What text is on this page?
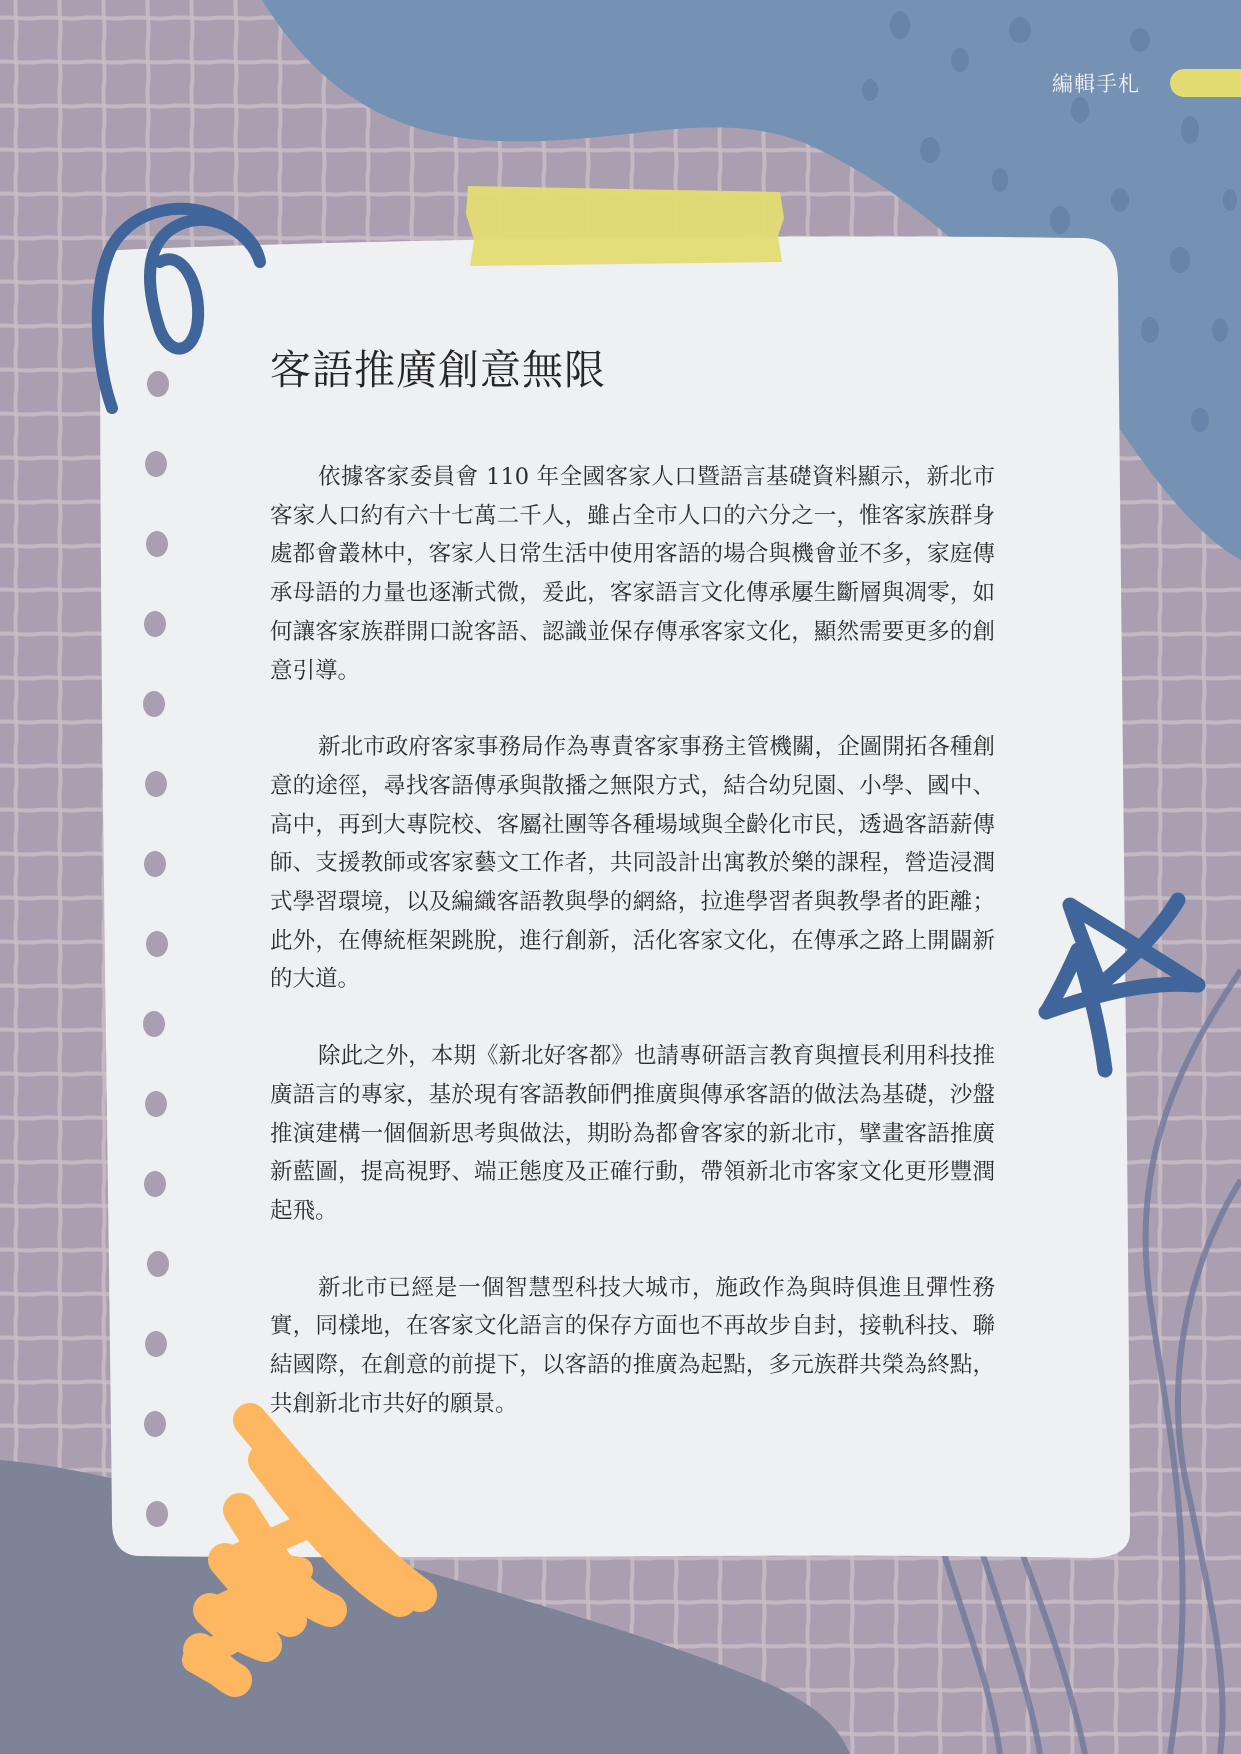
編輯手札
客語推廣創意無限

依據客家委員會 110 年全國客家人口暨語言基礎資料顯示，新北市客家人口約有六十七萬二千人，雖占全市人口的六分之一，惟客家族群身處都會叢林中，客家人日常生活中使用客語的場合與機會並不多，家庭傳承母語的力量也逐漸式微，爰此，客家語言文化傳承屢生斷層與凋零，如何讓客家族群開口說客語、認識並保存傳承客家文化，顯然需要更多的創意引導。

新北市政府客家事務局作為專責客家事務主管機關，企圖開拓各種創意的途徑，尋找客語傳承與散播之無限方式，結合幼兒園、小學、國中、高中，再到大專院校、客屬社團等各種場域與全齡化市民，透過客語薪傳師、支援教師或客家藝文工作者，共同設計出寓教於樂的課程，營造浸潤式學習環境，以及編織客語教與學的網絡，拉進學習者與教學者的距離；此外，在傳統框架跳脫，進行創新，活化客家文化，在傳承之路上開闢新的大道。

除此之外，本期《新北好客都》也請專研語言教育與擅長利用科技推廣語言的專家，基於現有客語教師們推廣與傳承客語的做法為基礎，沙盤推演建構一個個新思考與做法，期盼為都會客家的新北市，擘畫客語推廣新藍圖，提高視野、端正態度及正確行動，帶領新北市客家文化更形豐潤起飛。

新北市已經是一個智慧型科技大城市，施政作為與時俱進且彈性務實，同樣地，在客家文化語言的保存方面也不再故步自封，接軌科技、聯結國際，在創意的前提下，以客語的推廣為起點，多元族群共榮為終點，共創新北市共好的願景。
